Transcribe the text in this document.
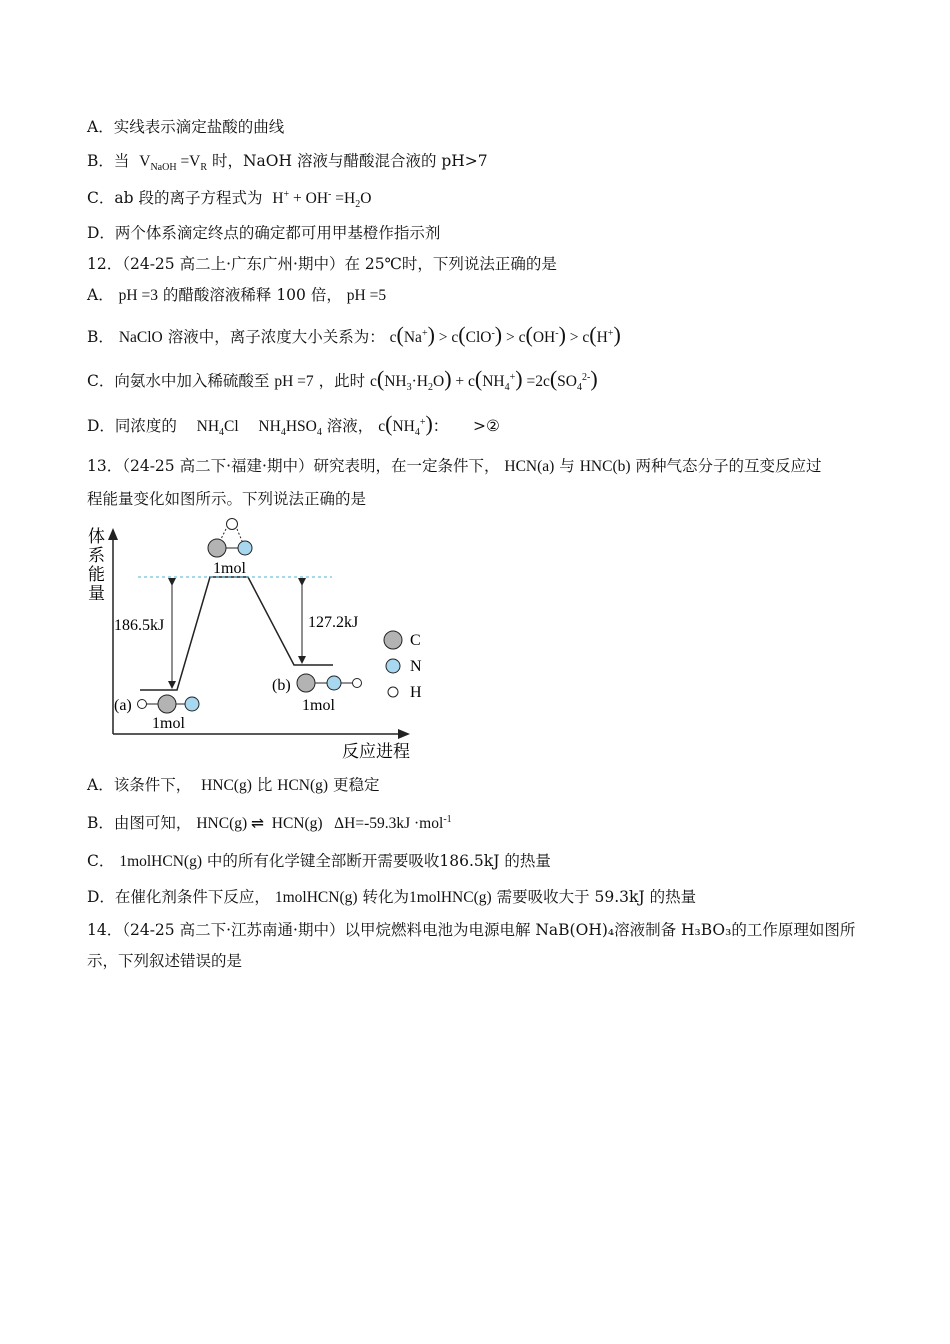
A．实线表示滴定盐酸的曲线
B．当 $V_{NaOH} =V_R$ 时，NaOH 溶液与醋酸混合液的 pH>7
C．ab 段的离子方程式为 $H^+ + OH^- =H_2O$
D．两个体系滴定终点的确定都可用甲基橙作指示剂
12．（24-25 高二上·广东广州·期中）在 25℃时，下列说法正确的是
A． pH =3 的醋酸溶液稀释 100 倍， pH =5
B． NaClO 溶液中，离子浓度大小关系为： c(Na+) > c(ClO-) > c(OH-) > c(H+)
C．向氨水中加入稀硫酸至 pH =7 ，此时 $c(NH_3\cdot H_2O) + c(NH_4^+) =2c(SO_4^{2-})$
D．同浓度的 $NH_4Cl$ $NH_4HSO_4$ 溶液， $c(NH_4^+)$： >②
13．（24-25 高二下·福建·期中）研究表明，在一定条件下， HCN(a) 与 HNC(b) 两种气态分子的互变反应过
程能量变化如图所示。下列说法正确的是
体
系
能
量
反应进程
186.5kJ	127.2kJ
1mol
(a)
1mol
(b)
1mol
C
N
H
A．该条件下， HNC(g) 比 HCN(g) 更稳定
B．由图可知， HNC(g) ⇌  HCN(g)   ΔH=-59.3kJ ·mol$^{-1}$
C． 1molHCN(g) 中的所有化学键全部断开需要吸收186.5kJ 的热量
D．在催化剂条件下反应， 1molHCN(g) 转化为1molHNC(g) 需要吸收大于 59.3kJ 的热量
14．（24-25 高二下·江苏南通·期中）以甲烷燃料电池为电源电解 NaB(OH)₄溶液制备 H₃BO₃的工作原理如图所示，下列叙述错误的是
